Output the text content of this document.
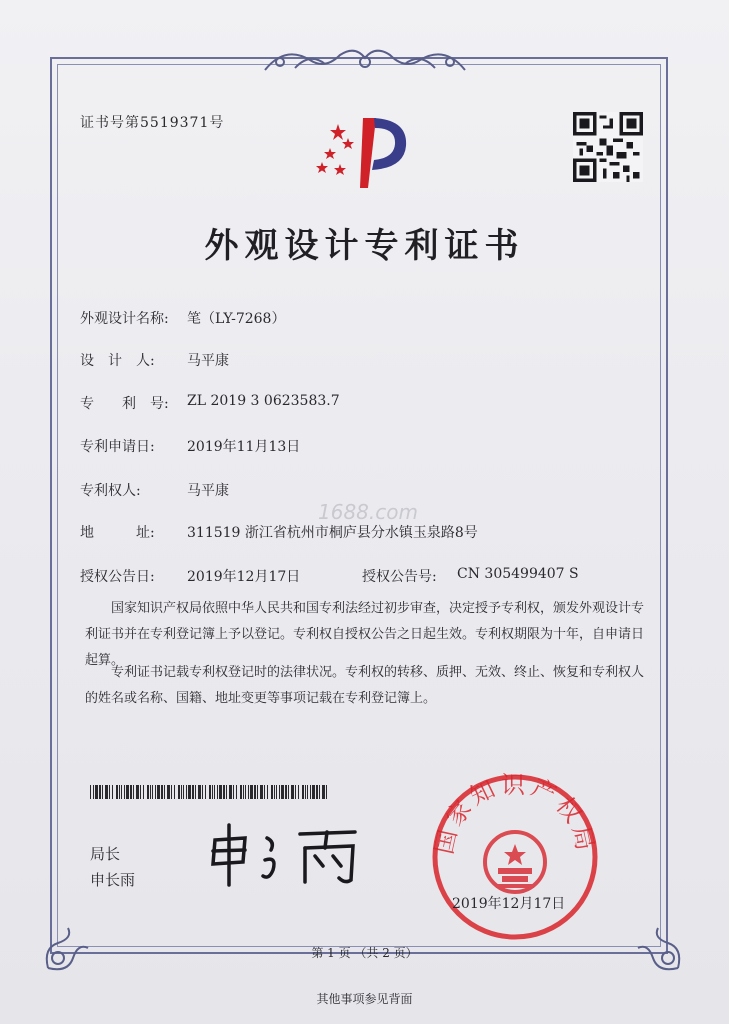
证书号第5519371号
外观设计专利证书
外观设计名称: 笔（LY-7268）
设　计　人: 马平康
专　　利　号: ZL 2019 3 0623583.7
专利申请日: 2019年11月13日
专利权人:	马平康
1688.com
地　　　址: 311519 浙江省杭州市桐庐县分水镇玉泉路8号
授权公告日: 2019年12月17日	授权公告号: CN 305499407 S
国家知识产权局依照中华人民共和国专利法经过初步审查，决定授予专利权，颁发外观设计专利证书并在专利登记簿上予以登记。专利权自授权公告之日起生效。专利权期限为十年，自申请日起算。
专利证书记载专利权登记时的法律状况。专利权的转移、质押、无效、终止、恢复和专利权人的姓名或名称、国籍、地址变更等事项记载在专利登记簿上。
局长
申长雨
国家知识产权局
2019年12月17日
第 1 页 （共 2 页）
其他事项参见背面
